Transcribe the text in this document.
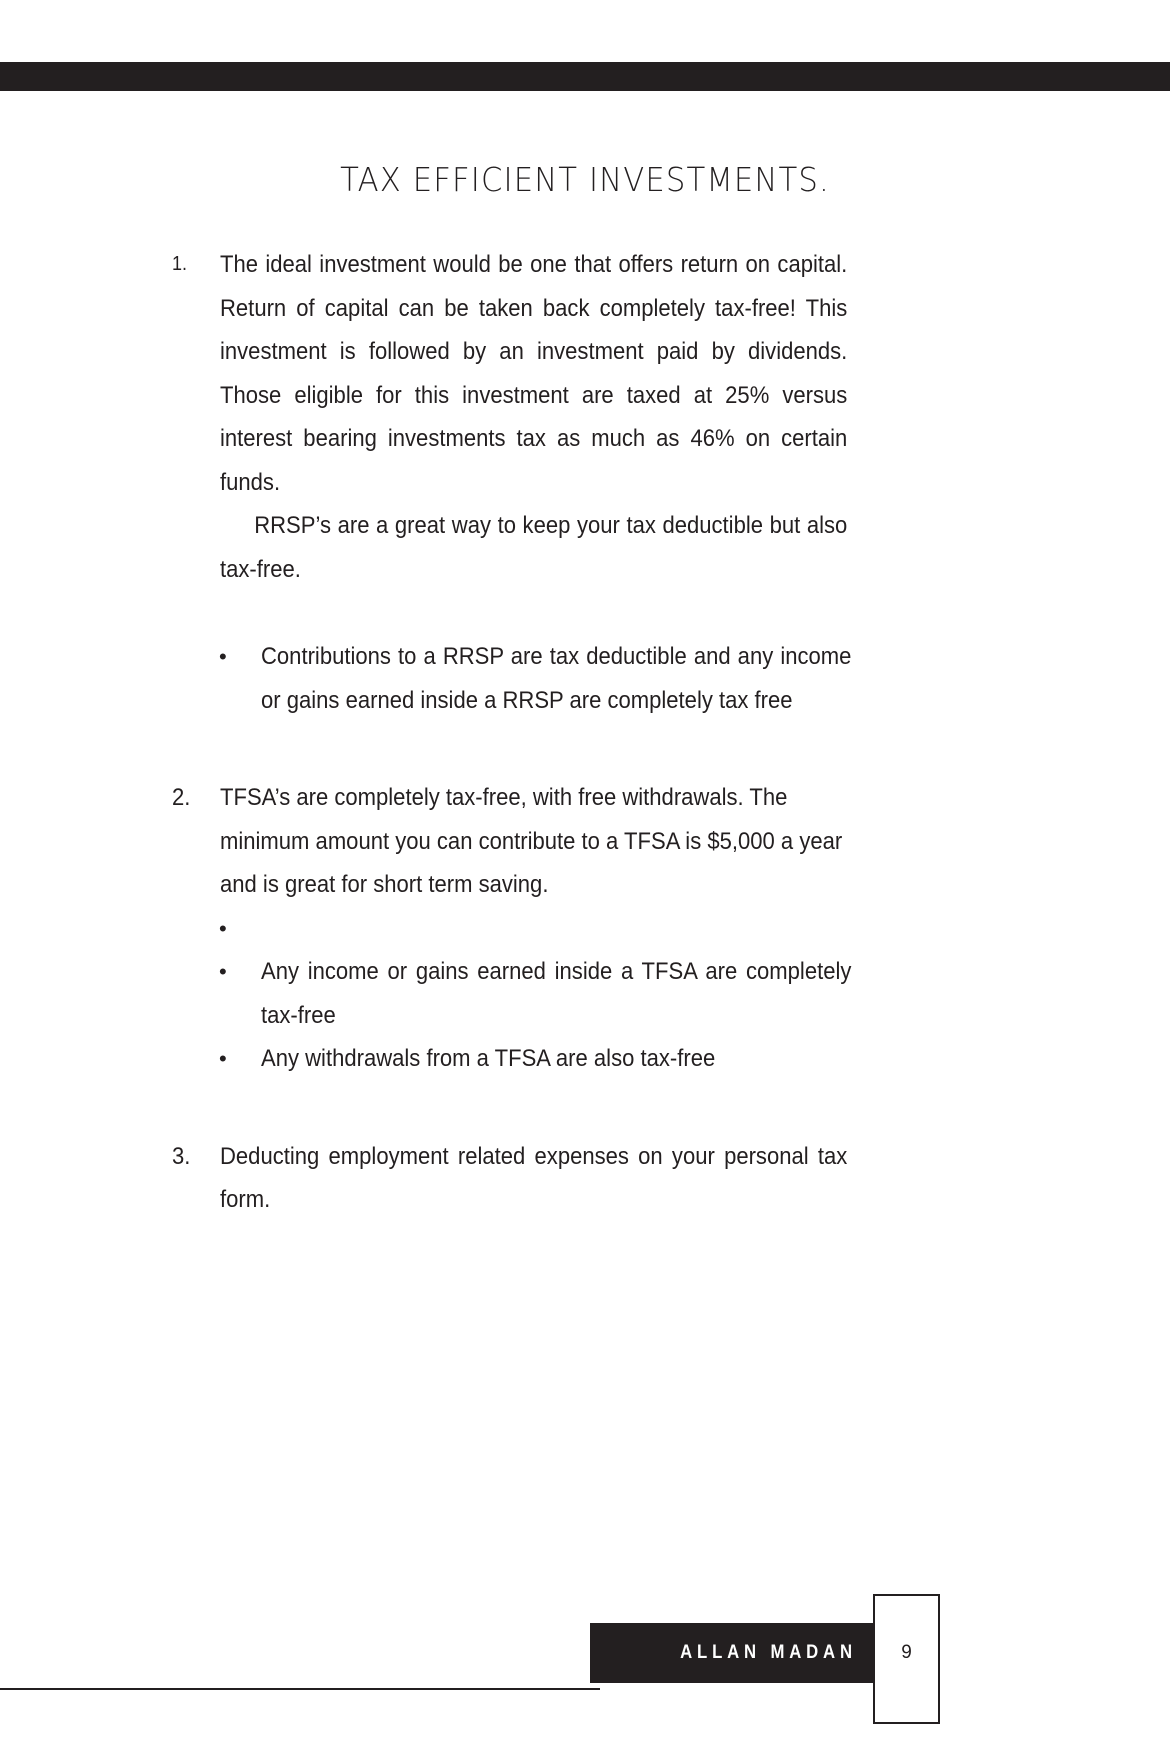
TAX EFFICIENT INVESTMENTS.
1.	The ideal investment would be one that offers return on capital. Return of capital can be taken back completely tax-free! This investment is followed by an investment paid by dividends. Those eligible for this investment are taxed at 25% versus interest bearing investments tax as much as 46% on certain funds.
RRSP’s are a great way to keep your tax deductible but also tax-free.
•	Contributions to a RRSP are tax deductible and any income or gains earned inside a RRSP are completely tax free
2.	TFSA’s are completely tax-free, with free withdrawals. The minimum amount you can contribute to a TFSA is $5,000 a year and is great for short term saving.
•
•	Any income or gains earned inside a TFSA are completely tax-free
•	Any withdrawals from a TFSA are also tax-free
3.	Deducting employment related expenses on your personal tax form.
ALLAN MADAN	9
